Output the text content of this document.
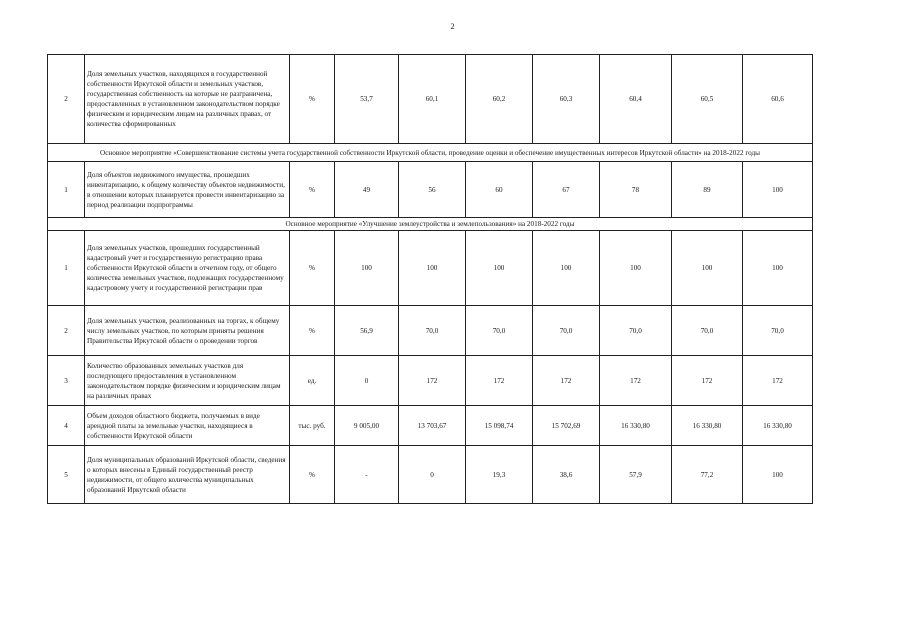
2
2	Доля земельных участков, находящихся в государственной собственности Иркутской области и земельных участков, государственная собственность на которые не разграничена, предоставленных в установленном законодательством порядке физическим и юридическим лицам на различных правах, от количества сформированных	%	53,7	60,1	60,2	60,3	60,4	60,5	60,6
Основное мероприятие «Совершенствование системы учета государственной собственности Иркутской области, проведение оценки и обеспечение имущественных интересов Иркутской области» на 2018-2022 годы									
1	Доля объектов недвижимого имущества, прошедших инвентаризацию, к общему количеству объектов недвижимости, в отношении которых планируется провести инвентаризацию за период реализации подпрограммы	%	49	56	60	67	78	89	100
Основное мероприятие «Улучшение землеустройства и землепользования» на 2018-2022 годы									
1	Доля земельных участков, прошедших государственный кадастровый учет и государственную регистрацию права собственности Иркутской области в отчетном году, от общего количества земельных участков, подлежащих государственному кадастровому учету и государственной регистрации прав	%	100	100	100	100	100	100	100
2	Доля земельных участков, реализованных на торгах, к общему числу земельных участков, по которым приняты решения Правительства Иркутской области о проведении торгов	%	56,9	70,0	70,0	70,0	70,0	70,0	70,0
3	Количество образованных земельных участков для последующего предоставления в установленном законодательством порядке физическим и юридическим лицам на различных правах	ед.	0	172	172	172	172	172	172
4	Объем доходов областного бюджета, получаемых в виде арендной платы за земельные участки, находящиеся в собственности Иркутской области	тыс. руб.	9 005,00	13 703,67	15 098,74	15 702,69	16 330,80	16 330,80	16 330,80
5	Доля муниципальных образований Иркутской области, сведения о которых внесены в Единый государственный реестр недвижимости, от общего количества муниципальных образований Иркутской области	%	-	0	19,3	38,6	57,9	77,2	100
